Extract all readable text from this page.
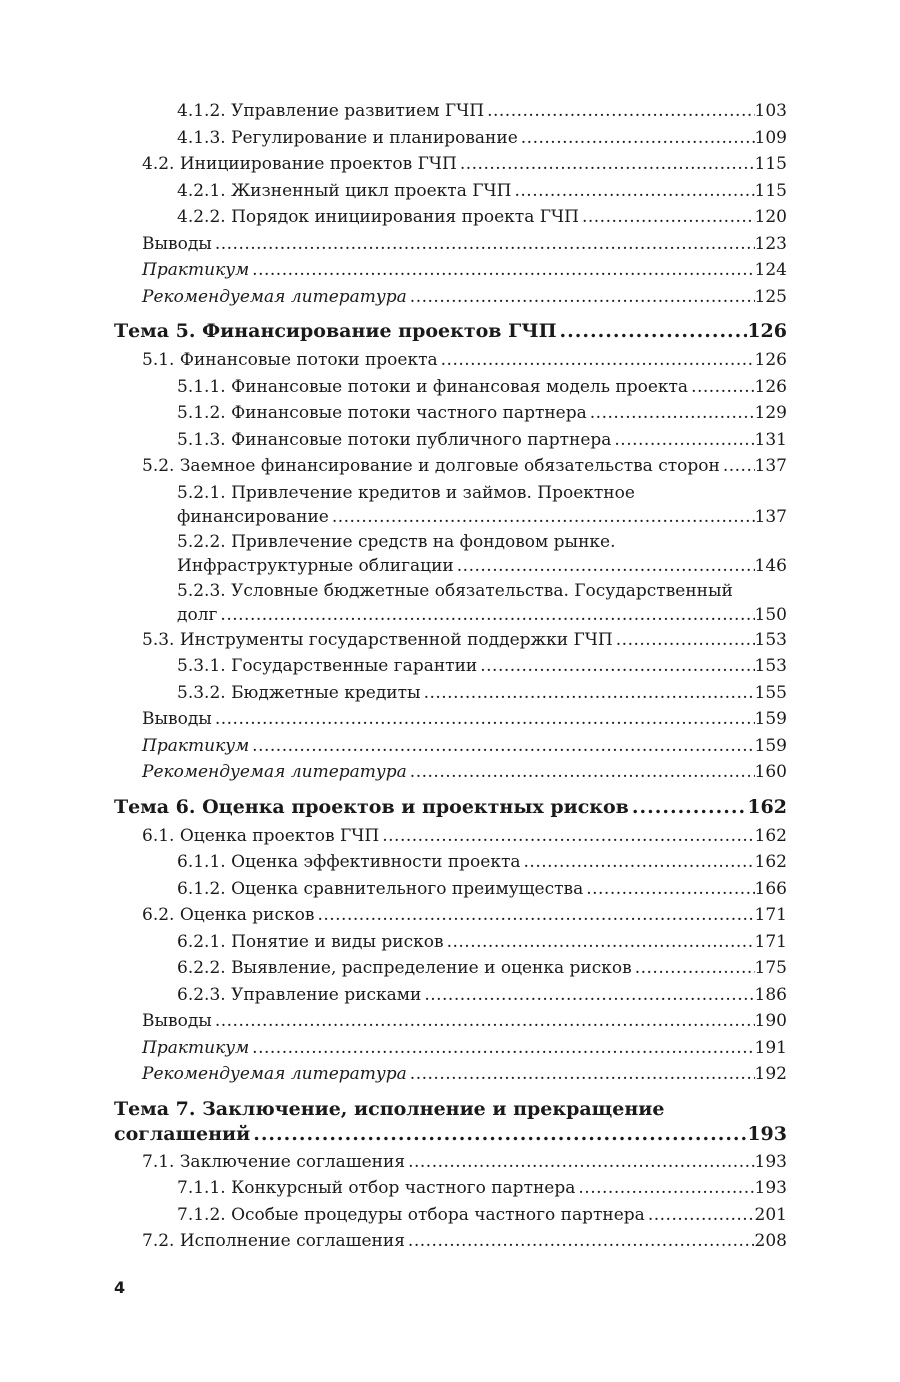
4.1.2. Управление развитием ГЧП .....	103
4.1.3. Регулирование и планирование .....	109
4.2. Инициирование проектов ГЧП .....	115
4.2.1. Жизненный цикл проекта ГЧП .....	115
4.2.2. Порядок инициирования проекта ГЧП .....	120
Выводы .....	123
Практикум .....	124
Рекомендуемая литература .....	125
Тема 5. Финансирование проектов ГЧП .....	126
5.1. Финансовые потоки проекта .....	126
5.1.1. Финансовые потоки и финансовая модель проекта .....	126
5.1.2. Финансовые потоки частного партнера .....	129
5.1.3. Финансовые потоки публичного партнера .....	131
5.2. Заемное финансирование и долговые обязательства сторон ..... 137
5.2.1. Привлечение кредитов и займов. Проектное
финансирование .....	137
5.2.2. Привлечение средств на фондовом рынке.
Инфраструктурные облигации .....	146
5.2.3. Условные бюджетные обязательства. Государственный
долг .....	150
5.3. Инструменты государственной поддержки ГЧП .....	153
5.3.1. Государственные гарантии .....	153
5.3.2. Бюджетные кредиты .....	155
Выводы .....	159
Практикум .....	159
Рекомендуемая литература .....	160
Тема 6. Оценка проектов и проектных рисков .....	162
6.1. Оценка проектов ГЧП .....	162
6.1.1. Оценка эффективности проекта .....	162
6.1.2. Оценка сравнительного преимущества .....	166
6.2. Оценка рисков .....	171
6.2.1. Понятие и виды рисков .....	171
6.2.2. Выявление, распределение и оценка рисков .....	175
6.2.3. Управление рисками .....	186
Выводы .....	190
Практикум .....	191
Рекомендуемая литература .....	192
Тема 7. Заключение, исполнение и прекращение
соглашений .....	193
7.1. Заключение соглашения .....	193
7.1.1. Конкурсный отбор частного партнера .....	193
7.1.2. Особые процедуры отбора частного партнера .....	201
7.2. Исполнение соглашения .....	208
4
